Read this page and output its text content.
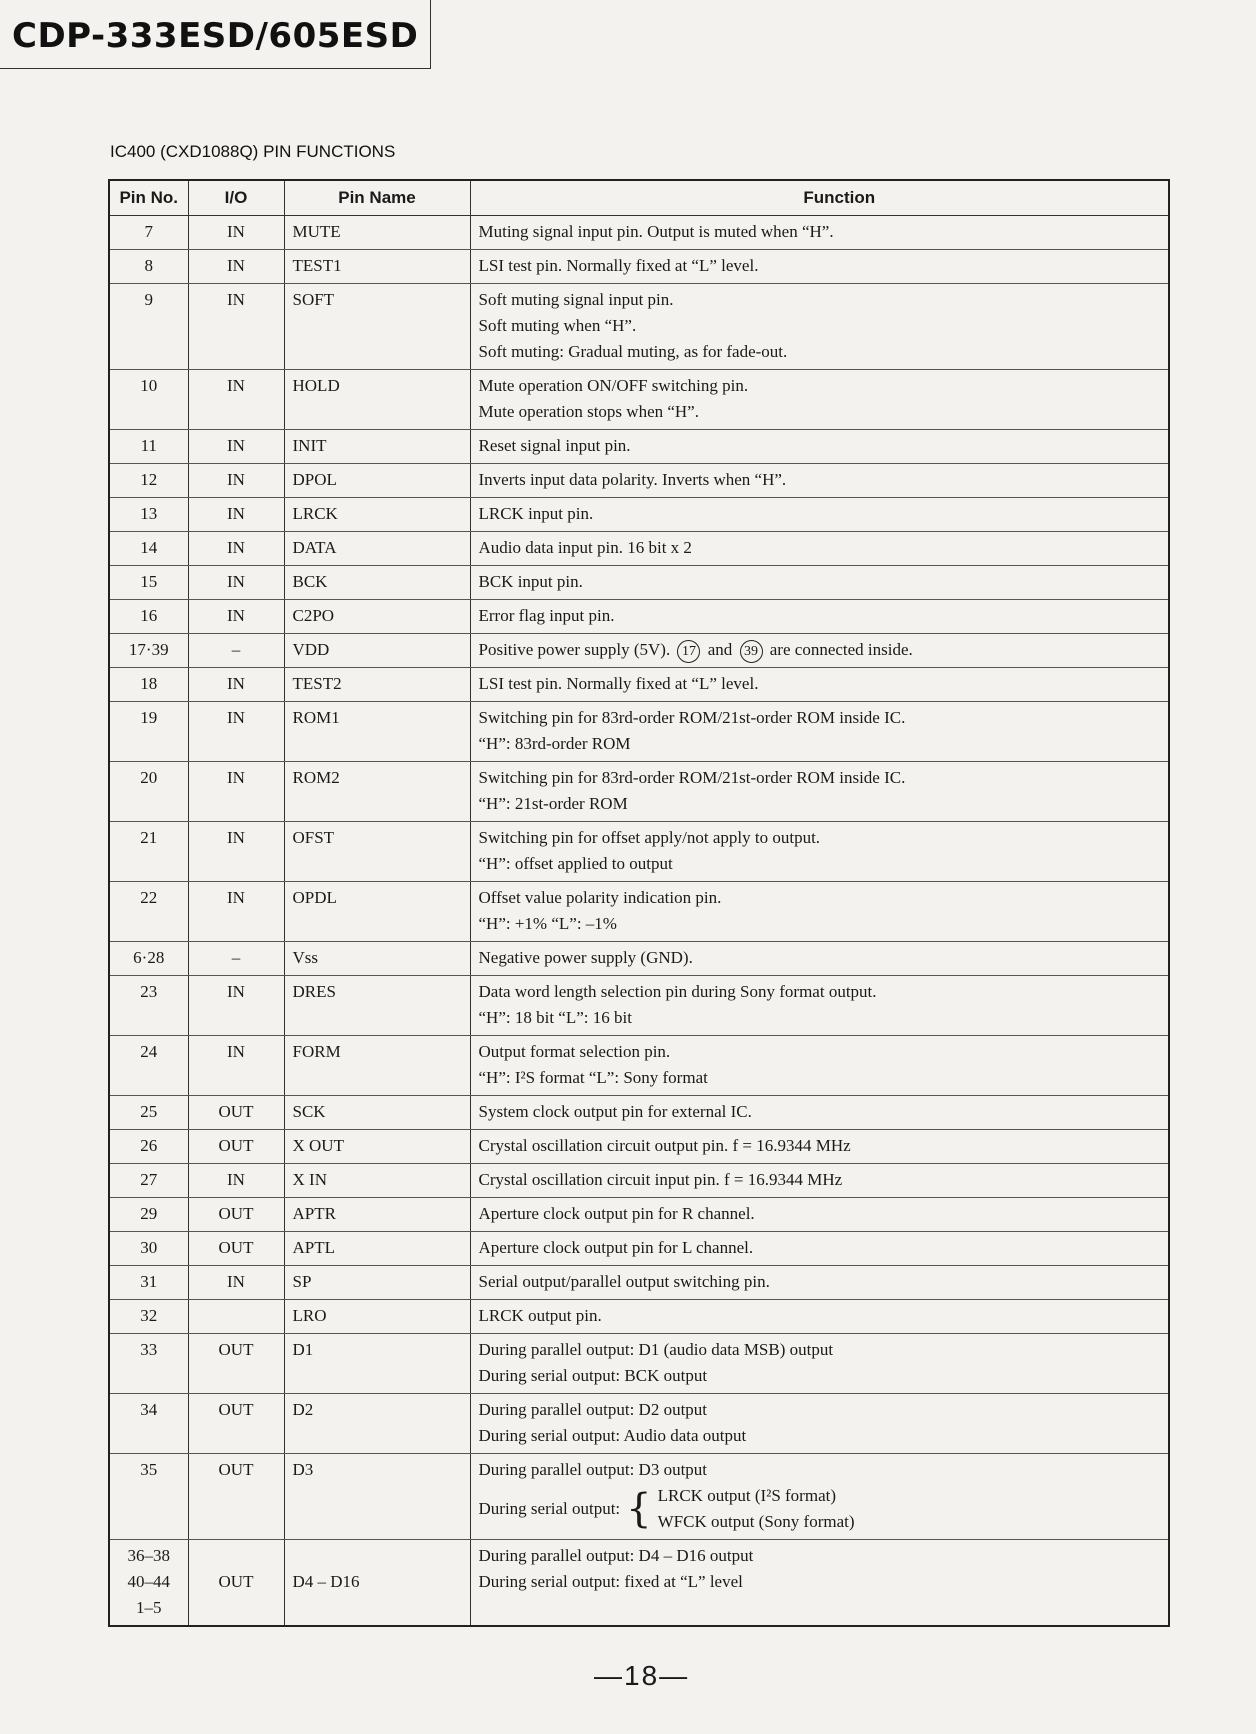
CDP-333ESD/605ESD
IC400 (CXD1088Q) PIN FUNCTIONS
Pin No.	I/O	Pin Name	Function
7	IN	MUTE	Muting signal input pin. Output is muted when “H”.

8	IN	TEST1	LSI test pin. Normally fixed at “L” level.

9	IN	SOFT	Soft muting signal input pin.
Soft muting when “H”.
Soft muting: Gradual muting, as for fade-out.

10	IN	HOLD	Mute operation ON/OFF switching pin.
Mute operation stops when “H”.

11	IN	INIT	Reset signal input pin.

12	IN	DPOL	Inverts input data polarity. Inverts when “H”.

13	IN	LRCK	LRCK input pin.

14	IN	DATA	Audio data input pin. 16 bit x 2

15	IN	BCK	BCK input pin.

16	IN	C2PO	Error flag input pin.

17·39	–	VDD	Positive power supply (5V). 17 and 39 are connected inside.

18	IN	TEST2	LSI test pin. Normally fixed at “L” level.

19	IN	ROM1	Switching pin for 83rd-order ROM/21st-order ROM inside IC.
“H”: 83rd-order ROM

20	IN	ROM2	Switching pin for 83rd-order ROM/21st-order ROM inside IC.
“H”: 21st-order ROM

21	IN	OFST	Switching pin for offset apply/not apply to output.
“H”: offset applied to output

22	IN	OPDL	Offset value polarity indication pin.
“H”: +1% “L”: –1%

6·28	–	Vss	Negative power supply (GND).

23	IN	DRES	Data word length selection pin during Sony format output.
“H”: 18 bit “L”: 16 bit

24	IN	FORM	Output format selection pin.
“H”: I²S format “L”: Sony format

25	OUT	SCK	System clock output pin for external IC.

26	OUT	X OUT	Crystal oscillation circuit output pin. f = 16.9344 MHz

27	IN	X IN	Crystal oscillation circuit input pin. f = 16.9344 MHz

29	OUT	APTR	Aperture clock output pin for R channel.

30	OUT	APTL	Aperture clock output pin for L channel.

31	IN	SP	Serial output/parallel output switching pin.

32		LRO	LRCK output pin.

33	OUT	D1	During parallel output: D1 (audio data MSB) output
During serial output: BCK output

34	OUT	D2	During parallel output: D2 output
During serial output: Audio data output

35	OUT	D3	During parallel output: D3 output
During serial output: { LRCK output (I²S format)
WFCK output (Sony format)

36–38
40–44
1–5	OUT	D4 – D16	During parallel output: D4 – D16 output
During serial output: fixed at “L” level
—18—
